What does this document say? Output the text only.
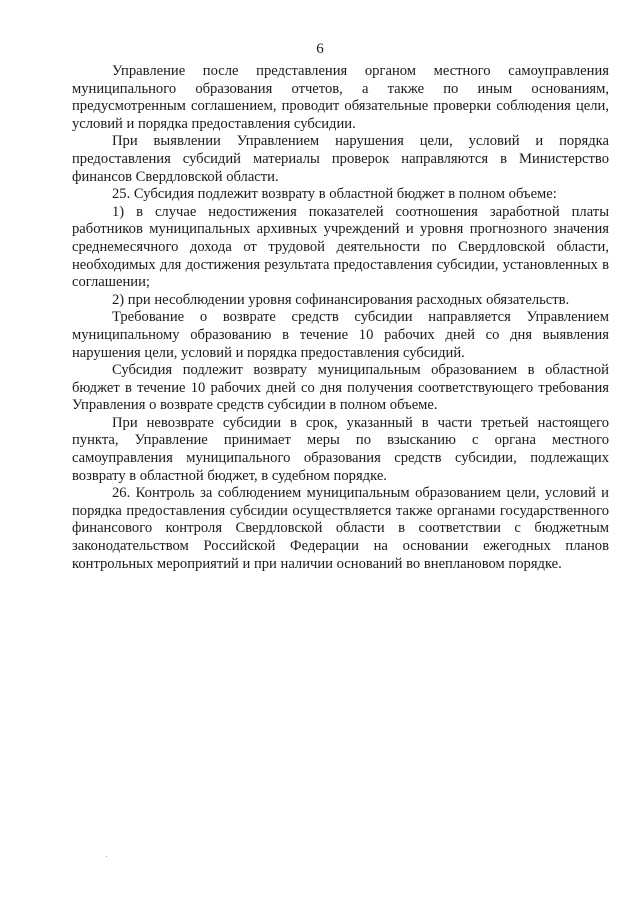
6

Управление после представления органом местного самоуправления муниципального образования отчетов, а также по иным основаниям, предусмотренным соглашением, проводит обязательные проверки соблюдения цели, условий и порядка предоставления субсидии.

При выявлении Управлением нарушения цели, условий и порядка предоставления субсидий материалы проверок направляются в Министерство финансов Свердловской области.

25. Субсидия подлежит возврату в областной бюджет в полном объеме:

1) в случае недостижения показателей соотношения заработной платы работников муниципальных архивных учреждений и уровня прогнозного значения среднемесячного дохода от трудовой деятельности по Свердловской области, необходимых для достижения результата предоставления субсидии, установленных в соглашении;

2) при несоблюдении уровня софинансирования расходных обязательств.

Требование о возврате средств субсидии направляется Управлением муниципальному образованию в течение 10 рабочих дней со дня выявления нарушения цели, условий и порядка предоставления субсидий.

Субсидия подлежит возврату муниципальным образованием в областной бюджет в течение 10 рабочих дней со дня получения соответствующего требования Управления о возврате средств субсидии в полном объеме.

При невозврате субсидии в срок, указанный в части третьей настоящего пункта, Управление принимает меры по взысканию с органа местного самоуправления муниципального образования средств субсидии, подлежащих возврату в областной бюджет, в судебном порядке.

26. Контроль за соблюдением муниципальным образованием цели, условий и порядка предоставления субсидии осуществляется также органами государственного финансового контроля Свердловской области в соответствии с бюджетным законодательством Российской Федерации на основании ежегодных планов контрольных мероприятий и при наличии оснований во внеплановом порядке.
